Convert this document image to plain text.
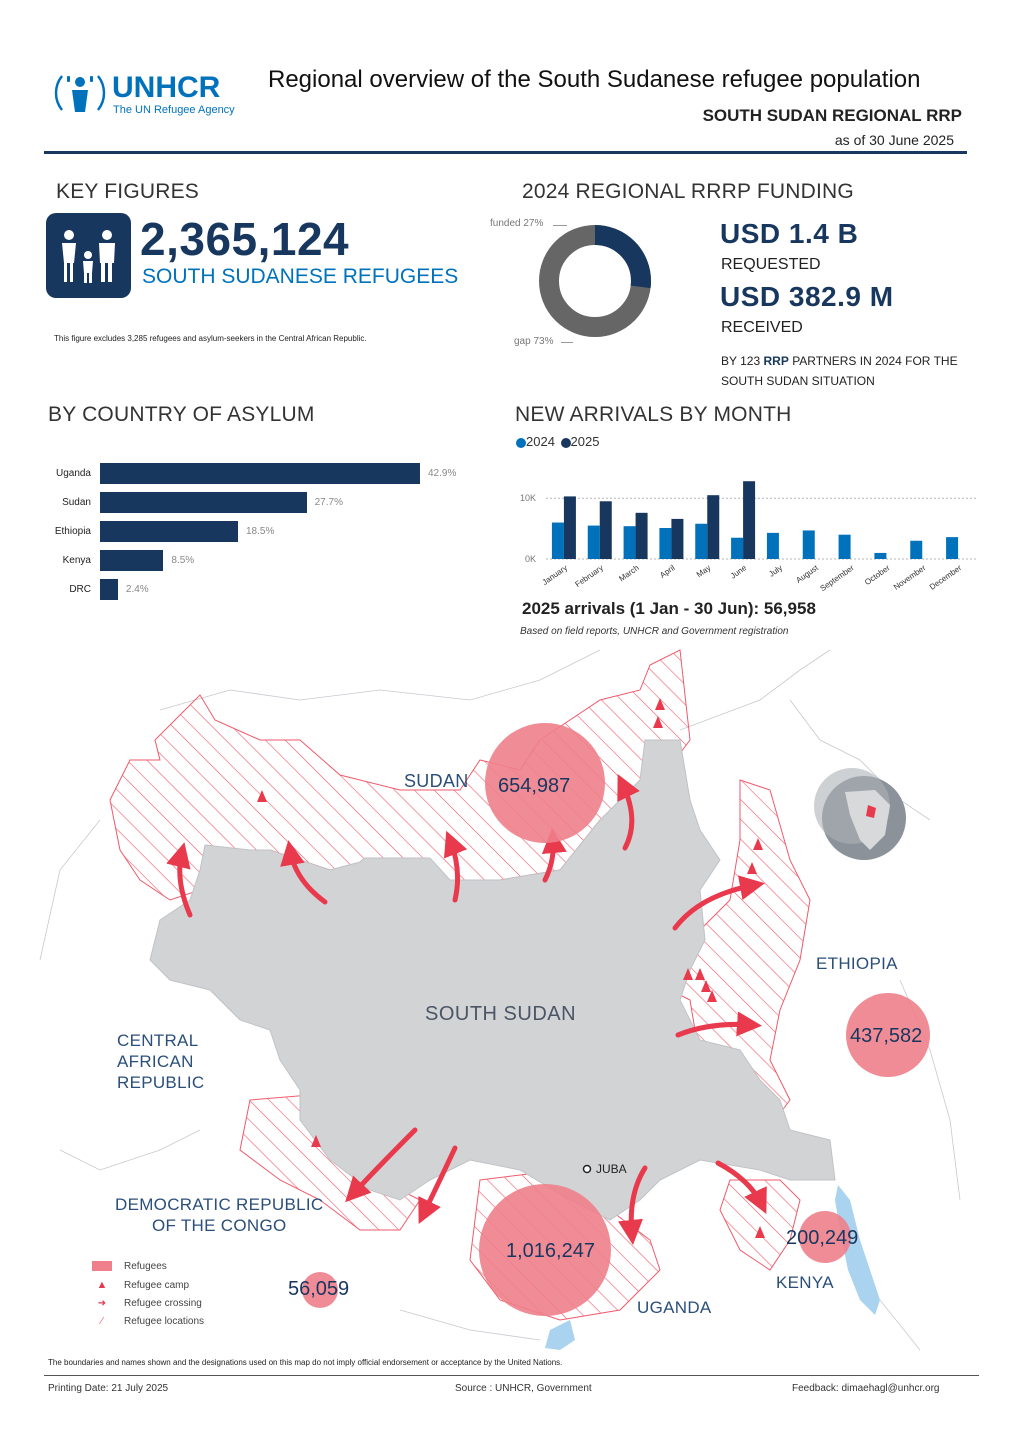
UNHCR
The UN Refugee Agency
Regional overview of the South Sudanese refugee population
SOUTH SUDAN REGIONAL RRP
as of 30 June 2025
KEY FIGURES
2,365,124
SOUTH SUDANESE REFUGEES
This figure excludes 3,285 refugees and asylum-seekers in the Central African Republic.
2024 REGIONAL RRRP FUNDING
funded 27%
gap 73%
USD 1.4 B
REQUESTED
USD 382.9 M
RECEIVED
BY 123 RRP PARTNERS IN 2024 FOR THE
SOUTH SUDAN SITUATION
BY COUNTRY OF ASYLUM
Uganda	42.9%
Sudan	27.7%
Ethiopia	18.5%
Kenya	8.5%
DRC	2.4%
NEW ARRIVALS BY MONTH
2024 2025
0K
10K
January February March April May June July August
September October November December
2025 arrivals (1 Jan - 30 Jun): 56,958
Based on field reports, UNHCR and Government registration
SUDAN
SOUTH SUDAN
ETHIOPIA
CENTRAL
AFRICAN
REPUBLIC
DEMOCRATIC REPUBLIC
OF THE CONGO
UGANDA
KENYA
JUBA
654,987
437,582
1,016,247
200,249
56,059
Refugees
▲ Refugee camp
➜ Refugee crossing
⁄ Refugee locations
The boundaries and names shown and the designations used on this map do not imply official endorsement or acceptance by the United Nations.
Printing Date: 21 July 2025	Source : UNHCR, Government	Feedback: dimaehagl@unhcr.org
